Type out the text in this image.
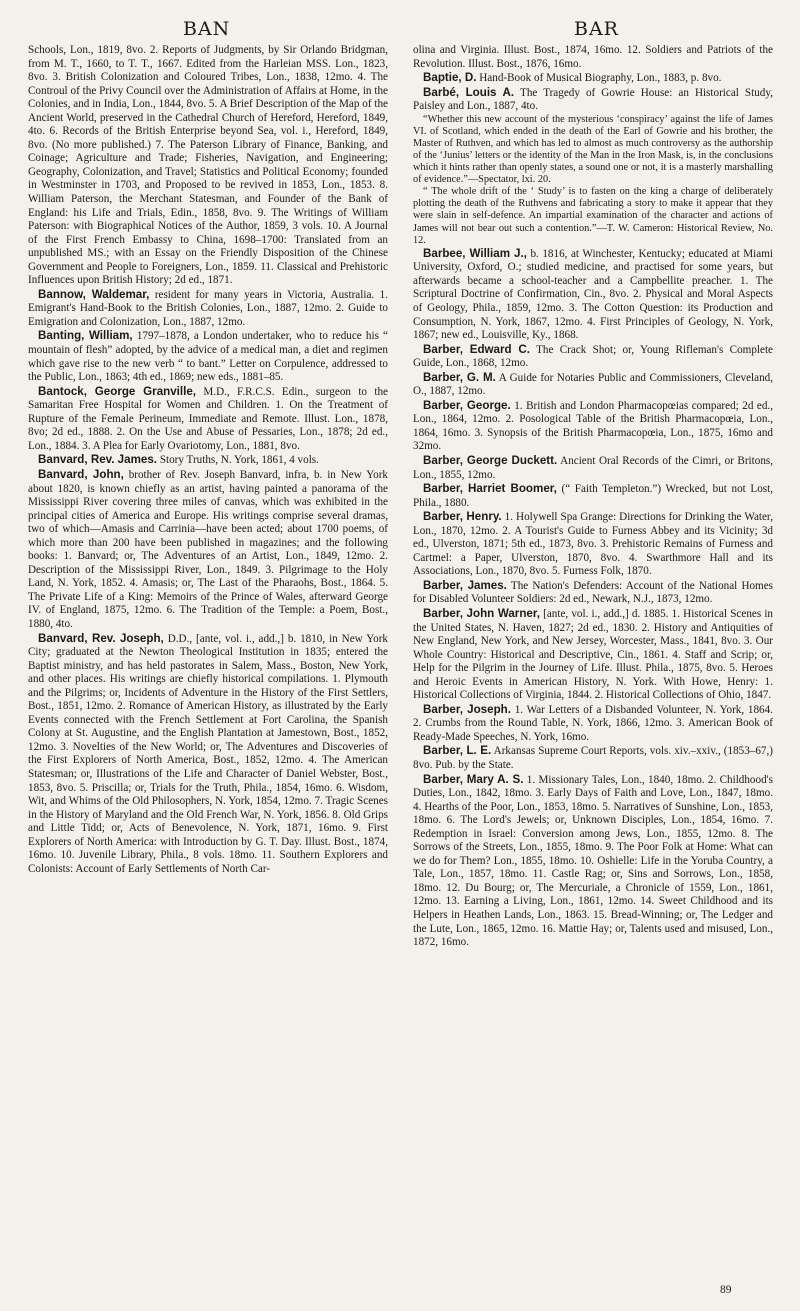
BAN	BAR

Schools, Lon., 1819, 8vo. 2. Reports of Judgments, by Sir Orlando Bridgman, from M. T., 1660, to T. T., 1667. Edited from the Harleian MSS. Lon., 1823, 8vo. 3. British Colonization and Coloured Tribes, Lon., 1838, 12mo. 4. The Controul of the Privy Council over the Administration of Affairs at Home, in the Colonies, and in India, Lon., 1844, 8vo. 5. A Brief Description of the Map of the Ancient World, preserved in the Cathedral Church of Hereford, Hereford, 1849, 4to. 6. Records of the British Enterprise beyond Sea, vol. i., Hereford, 1849, 8vo. (No more published.) 7. The Paterson Library of Finance, Banking, and Coinage; Agriculture and Trade; Fisheries, Navigation, and Engineering; Geography, Colonization, and Travel; Statistics and Political Economy; founded in Westminster in 1703, and Proposed to be revived in 1853, Lon., 1853. 8. William Paterson, the Merchant Statesman, and Founder of the Bank of England: his Life and Trials, Edin., 1858, 8vo. 9. The Writings of William Paterson: with Biographical Notices of the Author, 1859, 3 vols. 10. A Journal of the First French Embassy to China, 1698–1700: Translated from an unpublished MS.; with an Essay on the Friendly Disposition of the Chinese Government and People to Foreigners, Lon., 1859. 11. Classical and Prehistoric Influences upon British History; 2d ed., 1871.

Bannow, Waldemar, resident for many years in Victoria, Australia. 1. Emigrant's Hand-Book to the British Colonies, Lon., 1887, 12mo. 2. Guide to Emigration and Colonization, Lon., 1887, 12mo.

Banting, William, 1797–1878, a London undertaker, who to reduce his “ mountain of flesh” adopted, by the advice of a medical man, a diet and regimen which gave rise to the new verb “ to bant.” Letter on Corpulence, addressed to the Public, Lon., 1863; 4th ed., 1869; new eds., 1881–85.

Bantock, George Granville, M.D., F.R.C.S. Edin., surgeon to the Samaritan Free Hospital for Women and Children. 1. On the Treatment of Rupture of the Female Perineum, Immediate and Remote. Illust. Lon., 1878, 8vo; 2d ed., 1888. 2. On the Use and Abuse of Pessaries, Lon., 1878; 2d ed., Lon., 1884. 3. A Plea for Early Ovariotomy, Lon., 1881, 8vo.

Banvard, Rev. James. Story Truths, N. York, 1861, 4 vols.

Banvard, John, brother of Rev. Joseph Banvard, infra, b. in New York about 1820, is known chiefly as an artist, having painted a panorama of the Mississippi River covering three miles of canvas, which was exhibited in the principal cities of America and Europe. His writings comprise several dramas, two of which—Amasis and Carrinia—have been acted; about 1700 poems, of which more than 200 have been published in magazines; and the following books: 1. Banvard; or, The Adventures of an Artist, Lon., 1849, 12mo. 2. Description of the Mississippi River, Lon., 1849. 3. Pilgrimage to the Holy Land, N. York, 1852. 4. Amasis; or, The Last of the Pharaohs, Bost., 1864. 5. The Private Life of a King: Memoirs of the Prince of Wales, afterward George IV. of England, 1875, 12mo. 6. The Tradition of the Temple: a Poem, Bost., 1880, 4to.

Banvard, Rev. Joseph, D.D., [ante, vol. i., add.,] b. 1810, in New York City; graduated at the Newton Theological Institution in 1835; entered the Baptist ministry, and has held pastorates in Salem, Mass., Boston, New York, and other places. His writings are chiefly historical compilations. 1. Plymouth and the Pilgrims; or, Incidents of Adventure in the History of the First Settlers, Bost., 1851, 12mo. 2. Romance of American History, as illustrated by the Early Events connected with the French Settlement at Fort Carolina, the Spanish Colony at St. Augustine, and the English Plantation at Jamestown, Bost., 1852, 12mo. 3. Novelties of the New World; or, The Adventures and Discoveries of the First Explorers of North America, Bost., 1852, 12mo. 4. The American Statesman; or, Illustrations of the Life and Character of Daniel Webster, Bost., 1853, 8vo. 5. Priscilla; or, Trials for the Truth, Phila., 1854, 16mo. 6. Wisdom, Wit, and Whims of the Old Philosophers, N. York, 1854, 12mo. 7. Tragic Scenes in the History of Maryland and the Old French War, N. York, 1856. 8. Old Grips and Little Tidd; or, Acts of Benevolence, N. York, 1871, 16mo. 9. First Explorers of North America: with Introduction by G. T. Day. Illust. Bost., 1874, 16mo. 10. Juvenile Library, Phila., 8 vols. 18mo. 11. Southern Explorers and Colonists: Account of Early Settlements of North Car-

olina and Virginia. Illust. Bost., 1874, 16mo. 12. Soldiers and Patriots of the Revolution. Illust. Bost., 1876, 16mo.

Baptie, D. Hand-Book of Musical Biography, Lon., 1883, p. 8vo.

Barbé, Louis A. The Tragedy of Gowrie House: an Historical Study, Paisley and Lon., 1887, 4to.

“Whether this new account of the mysterious ‘conspiracy’ against the life of James VI. of Scotland, which ended in the death of the Earl of Gowrie and his brother, the Master of Ruthven, and which has led to almost as much controversy as the authorship of the ‘Junius’ letters or the identity of the Man in the Iron Mask, is, in the conclusions which it hints rather than openly states, a sound one or not, it is a masterly marshalling of evidence.”—Spectator, lxi. 20.

“ The whole drift of the ‘ Study’ is to fasten on the king a charge of deliberately plotting the death of the Ruthvens and fabricating a story to make it appear that they were slain in self-defence. An impartial examination of the character and actions of James will not bear out such a contention.”—T. W. Cameron: Historical Review, No. 12.

Barbee, William J., b. 1816, at Winchester, Kentucky; educated at Miami University, Oxford, O.; studied medicine, and practised for some years, but afterwards became a school-teacher and a Campbellite preacher. 1. The Scriptural Doctrine of Confirmation, Cin., 8vo. 2. Physical and Moral Aspects of Geology, Phila., 1859, 12mo. 3. The Cotton Question: its Production and Consumption, N. York, 1867, 12mo. 4. First Principles of Geology, N. York, 1867; new ed., Louisville, Ky., 1868.

Barber, Edward C. The Crack Shot; or, Young Rifleman's Complete Guide, Lon., 1868, 12mo.

Barber, G. M. A Guide for Notaries Public and Commissioners, Cleveland, O., 1887, 12mo.

Barber, George. 1. British and London Pharmacopœias compared; 2d ed., Lon., 1864, 12mo. 2. Posological Table of the British Pharmacopœia, Lon., 1864, 16mo. 3. Synopsis of the British Pharmacopœia, Lon., 1875, 16mo and 32mo.

Barber, George Duckett. Ancient Oral Records of the Cimri, or Britons, Lon., 1855, 12mo.

Barber, Harriet Boomer, (“ Faith Templeton.”) Wrecked, but not Lost, Phila., 1880.

Barber, Henry. 1. Holywell Spa Grange: Directions for Drinking the Water, Lon., 1870, 12mo. 2. A Tourist's Guide to Furness Abbey and its Vicinity; 3d ed., Ulverston, 1871; 5th ed., 1873, 8vo. 3. Prehistoric Remains of Furness and Cartmel: a Paper, Ulverston, 1870, 8vo. 4. Swarthmore Hall and its Associations, Lon., 1870, 8vo. 5. Furness Folk, 1870.

Barber, James. The Nation's Defenders: Account of the National Homes for Disabled Volunteer Soldiers: 2d ed., Newark, N.J., 1873, 12mo.

Barber, John Warner, [ante, vol. i., add.,] d. 1885. 1. Historical Scenes in the United States, N. Haven, 1827; 2d ed., 1830. 2. History and Antiquities of New England, New York, and New Jersey, Worcester, Mass., 1841, 8vo. 3. Our Whole Country: Historical and Descriptive, Cin., 1861. 4. Staff and Scrip; or, Help for the Pilgrim in the Journey of Life. Illust. Phila., 1875, 8vo. 5. Heroes and Heroic Events in American History, N. York. With Howe, Henry: 1. Historical Collections of Virginia, 1844. 2. Historical Collections of Ohio, 1847.

Barber, Joseph. 1. War Letters of a Disbanded Volunteer, N. York, 1864. 2. Crumbs from the Round Table, N. York, 1866, 12mo. 3. American Book of Ready-Made Speeches, N. York, 16mo.

Barber, L. E. Arkansas Supreme Court Reports, vols. xiv.–xxiv., (1853–67,) 8vo. Pub. by the State.

Barber, Mary A. S. 1. Missionary Tales, Lon., 1840, 18mo. 2. Childhood's Duties, Lon., 1842, 18mo. 3. Early Days of Faith and Love, Lon., 1847, 18mo. 4. Hearths of the Poor, Lon., 1853, 18mo. 5. Narratives of Sunshine, Lon., 1853, 18mo. 6. The Lord's Jewels; or, Unknown Disciples, Lon., 1854, 16mo. 7. Redemption in Israel: Conversion among Jews, Lon., 1855, 12mo. 8. The Sorrows of the Streets, Lon., 1855, 18mo. 9. The Poor Folk at Home: What can we do for Them? Lon., 1855, 18mo. 10. Oshielle: Life in the Yoruba Country, a Tale, Lon., 1857, 18mo. 11. Castle Rag; or, Sins and Sorrows, Lon., 1858, 18mo. 12. Du Bourg; or, The Mercuriale, a Chronicle of 1559, Lon., 1861, 12mo. 13. Earning a Living, Lon., 1861, 12mo. 14. Sweet Childhood and its Helpers in Heathen Lands, Lon., 1863. 15. Bread-Winning; or, The Ledger and the Lute, Lon., 1865, 12mo. 16. Mattie Hay; or, Talents used and misused, Lon., 1872, 16mo.

89
